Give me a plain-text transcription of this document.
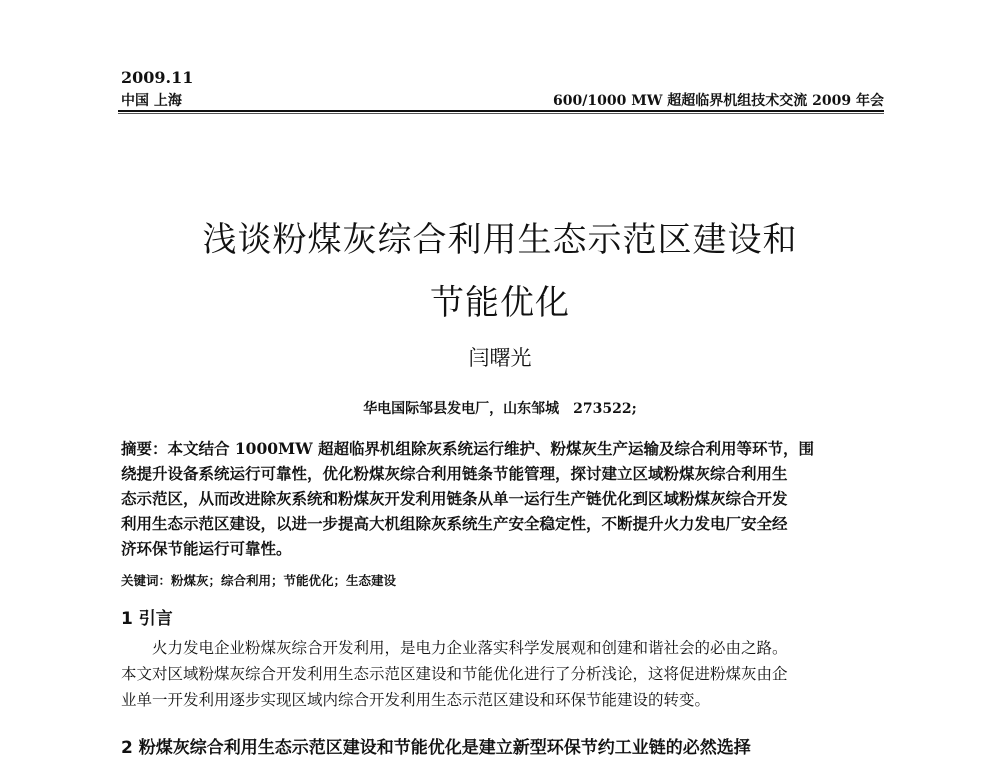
2009.11
中国 上海	600/1000 MW 超超临界机组技术交流 2009 年会
浅谈粉煤灰综合利用生态示范区建设和
节能优化
闫曙光
华电国际邹县发电厂，山东邹城　273522;
摘要：本文结合 1000MW 超超临界机组除灰系统运行维护、粉煤灰生产运输及综合利用等环节，围
绕提升设备系统运行可靠性，优化粉煤灰综合利用链条节能管理，探讨建立区域粉煤灰综合利用生
态示范区，从而改进除灰系统和粉煤灰开发利用链条从单一运行生产链优化到区域粉煤灰综合开发
利用生态示范区建设，以进一步提高大机组除灰系统生产安全稳定性，不断提升火力发电厂安全经
济环保节能运行可靠性。
关键词：粉煤灰；综合利用；节能优化；生态建设
1 引言
　　火力发电企业粉煤灰综合开发利用，是电力企业落实科学发展观和创建和谐社会的必由之路。
本文对区域粉煤灰综合开发利用生态示范区建设和节能优化进行了分析浅论，这将促进粉煤灰由企
业单一开发利用逐步实现区域内综合开发利用生态示范区建设和环保节能建设的转变。
2 粉煤灰综合利用生态示范区建设和节能优化是建立新型环保节约工业链的必然选择
